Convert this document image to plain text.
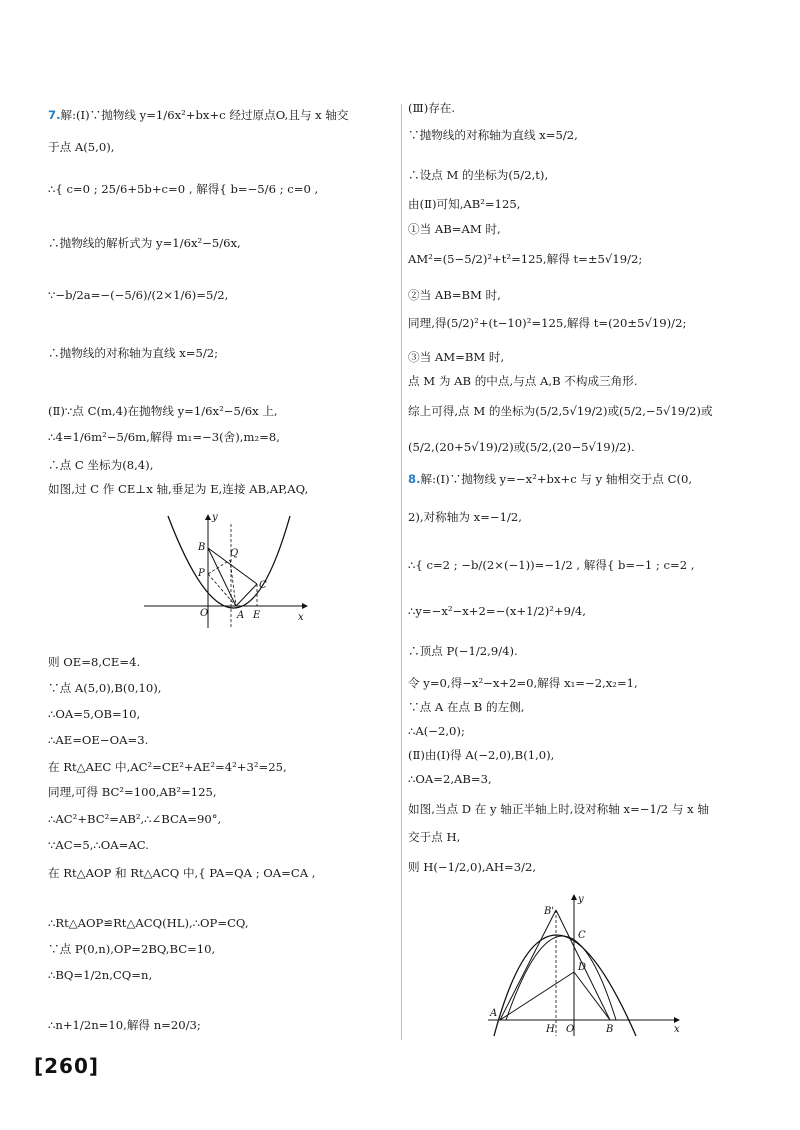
7.解:(Ⅰ)∵抛物线 y=1/6x²+bx+c 经过原点O,且与 x 轴交
于点 A(5,0),
∴{ c=0 ; 25/6+5b+c=0 , 解得{ b=−5/6 ; c=0 ,
∴抛物线的解析式为 y=1/6x²−5/6x,
∵−b/2a=−(−5/6)/(2×1/6)=5/2,
∴抛物线的对称轴为直线 x=5/2;
(Ⅱ)∵点 C(m,4)在抛物线 y=1/6x²−5/6x 上,
∴4=1/6m²−5/6m,解得 m₁=−3(舍),m₂=8,
∴点 C 坐标为(8,4),
如图,过 C 作 CE⊥x 轴,垂足为 E,连接 AB,AP,AQ,
则 OE=8,CE=4.
∵点 A(5,0),B(0,10),
∴OA=5,OB=10,
∴AE=OE−OA=3.
在 Rt△AEC 中,AC²=CE²+AE²=4²+3²=25,
同理,可得 BC²=100,AB²=125,
∴AC²+BC²=AB²,∴∠BCA=90°,
∵AC=5,∴OA=AC.
在 Rt△AOP 和 Rt△ACQ 中,{ PA=QA ; OA=CA ,
∴Rt△AOP≌Rt△ACQ(HL),∴OP=CQ,
∵点 P(0,n),OP=2BQ,BC=10,
∴BQ=1/2n,CQ=n,
∴n+1/2n=10,解得 n=20/3;
(Ⅲ)存在.
∵抛物线的对称轴为直线 x=5/2,
∴设点 M 的坐标为(5/2,t),
由(Ⅱ)可知,AB²=125,
①当 AB=AM 时,
AM²=(5−5/2)²+t²=125,解得 t=±5√19/2;
②当 AB=BM 时,
同理,得(5/2)²+(t−10)²=125,解得 t=(20±5√19)/2;
③当 AM=BM 时,
点 M 为 AB 的中点,与点 A,B 不构成三角形.
综上可得,点 M 的坐标为(5/2,5√19/2)或(5/2,−5√19/2)或
(5/2,(20+5√19)/2)或(5/2,(20−5√19)/2).
8.解:(Ⅰ)∵抛物线 y=−x²+bx+c 与 y 轴相交于点 C(0,
2),对称轴为 x=−1/2,
∴{ c=2 ; −b/(2×(−1))=−1/2 , 解得{ b=−1 ; c=2 ,
∴y=−x²−x+2=−(x+1/2)²+9/4,
∴顶点 P(−1/2,9/4).
令 y=0,得−x²−x+2=0,解得 x₁=−2,x₂=1,
∵点 A 在点 B 的左侧,
∴A(−2,0);
(Ⅱ)由(Ⅰ)得 A(−2,0),B(1,0),
∴OA=2,AB=3,
如图,当点 D 在 y 轴正半轴上时,设对称轴 x=−1/2 与 x 轴
交于点 H,
则 H(−1/2,0),AH=3/2,
y
x
B
Q
P
C
O	A E
y
x
B'
C
D
A
H O	B
[260]
